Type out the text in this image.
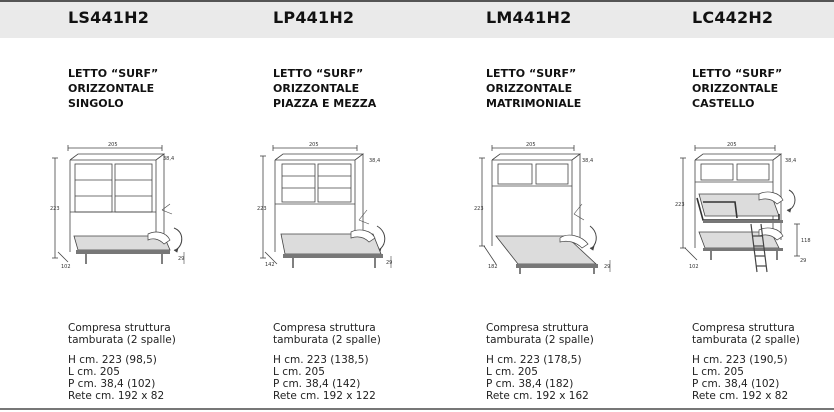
LS441H2	LP441H2	LM441H2	LC442H2
LETTO “SURF”
ORIZZONTALE
SINGOLO
LETTO “SURF”
ORIZZONTALE
PIAZZA E MEZZA
LETTO “SURF”
ORIZZONTALE
MATRIMONIALE
LETTO “SURF”
ORIZZONTALE
CASTELLO
205
38,4
223
102
29
205
38,4
223
142	29
205
38,4
223
182	29
205
38,4
223
102
29
118
Compresa struttura
tamburata (2 spalle)
H cm. 223 (98,5)
L cm. 205
P cm. 38,4 (102)
Rete cm. 192 x 82
Compresa struttura
tamburata (2 spalle)
H cm. 223 (138,5)
L cm. 205
P cm. 38,4 (142)
Rete cm. 192 x 122
Compresa struttura
tamburata (2 spalle)
H cm. 223 (178,5)
L cm. 205
P cm. 38,4 (182)
Rete cm. 192 x 162
Compresa struttura
tamburata (2 spalle)
H cm. 223 (190,5)
L cm. 205
P cm. 38,4 (102)
Rete cm. 192 x 82
